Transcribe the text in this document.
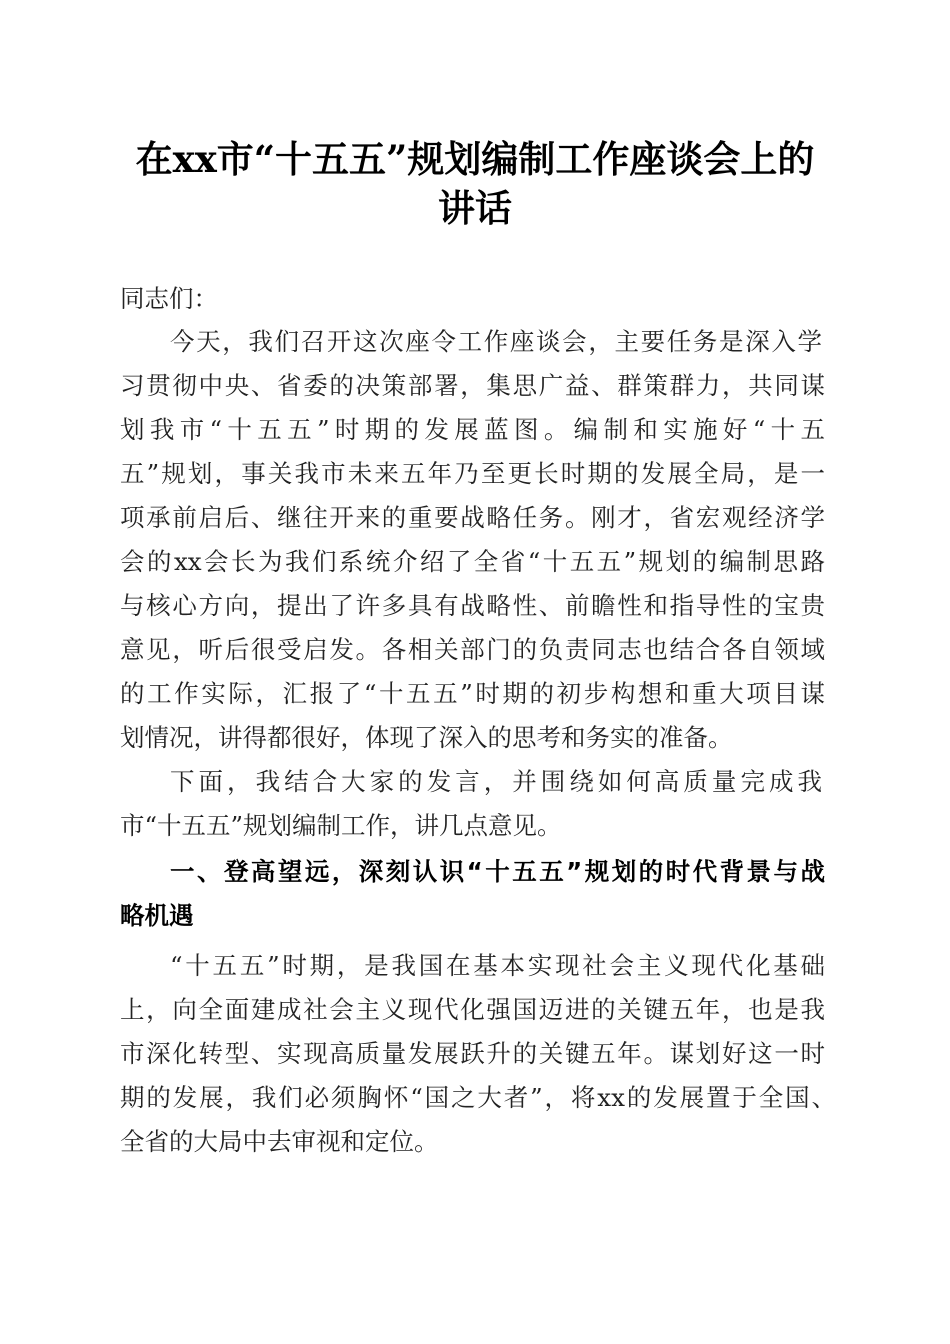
在xx市“十五五”规划编制工作座谈会上的
讲话
同志们：
今天，我们召开这次座令工作座谈会，主要任务是深入学
习贯彻中央、省委的决策部署，集思广益、群策群力，共同谋
划我市“十五五”时期的发展蓝图。编制和实施好“十五
五”规划，事关我市未来五年乃至更长时期的发展全局，是一
项承前启后、继往开来的重要战略任务。刚才，省宏观经济学
会的xx会长为我们系统介绍了全省“十五五”规划的编制思路
与核心方向，提出了许多具有战略性、前瞻性和指导性的宝贵
意见，听后很受启发。各相关部门的负责同志也结合各自领域
的工作实际，汇报了“十五五”时期的初步构想和重大项目谋
划情况，讲得都很好，体现了深入的思考和务实的准备。
下面，我结合大家的发言，并围绕如何高质量完成我
市“十五五”规划编制工作，讲几点意见。
一、登高望远，深刻认识“十五五”规划的时代背景与战
略机遇
“十五五”时期，是我国在基本实现社会主义现代化基础
上，向全面建成社会主义现代化强国迈进的关键五年，也是我
市深化转型、实现高质量发展跃升的关键五年。谋划好这一时
期的发展，我们必须胸怀“国之大者”，将xx的发展置于全国、
全省的大局中去审视和定位。
